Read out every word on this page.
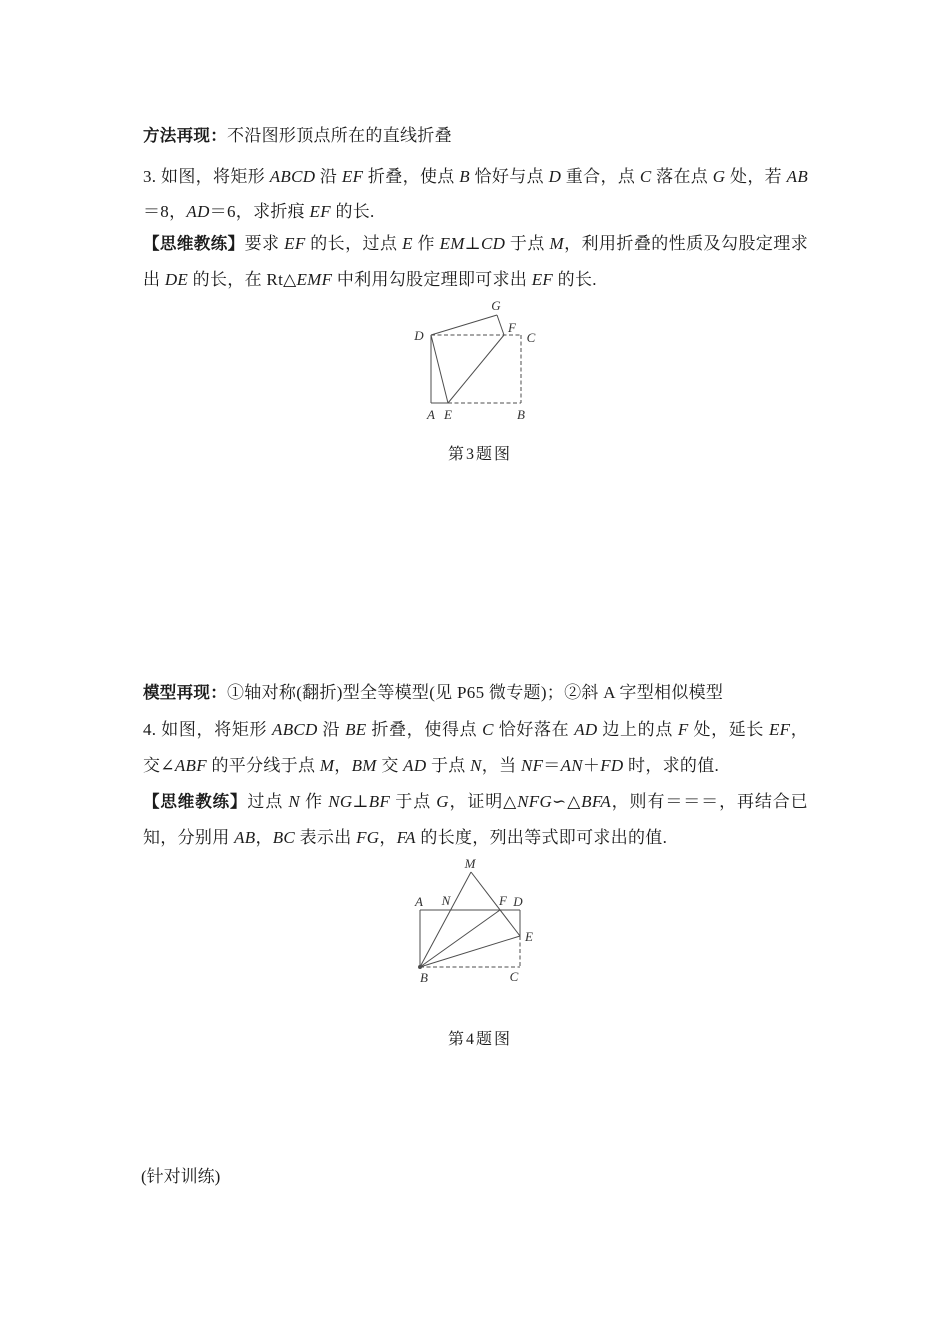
方法再现：不沿图形顶点所在的直线折叠
3. 如图，将矩形 ABCD 沿 EF 折叠，使点 B 恰好与点 D 重合，点 C 落在点 G 处，若 AB＝8，AD＝6，求折痕 EF 的长.
【思维教练】要求 EF 的长，过点 E 作 EM⊥CD 于点 M，利用折叠的性质及勾股定理求出 DE 的长，在 Rt△EMF 中利用勾股定理即可求出 EF 的长.
A E	B
D	C
F
G
第3题图
模型再现：①轴对称(翻折)型全等模型(见 P65 微专题)；②斜 A 字型相似模型
4. 如图，将矩形 ABCD 沿 BE 折叠，使得点 C 恰好落在 AD 边上的点 F 处，延长 EF，交∠ABF 的平分线于点 M，BM 交 AD 于点 N，当 NF＝AN＋FD 时，求的值.
【思维教练】过点 N 作 NG⊥BF 于点 G，证明△NFG∽△BFA，则有＝＝＝，再结合已知，分别用 AB，BC 表示出 FG，FA 的长度，列出等式即可求出的值.
M
A N	F D
E
B	C
第4题图
(针对训练)
